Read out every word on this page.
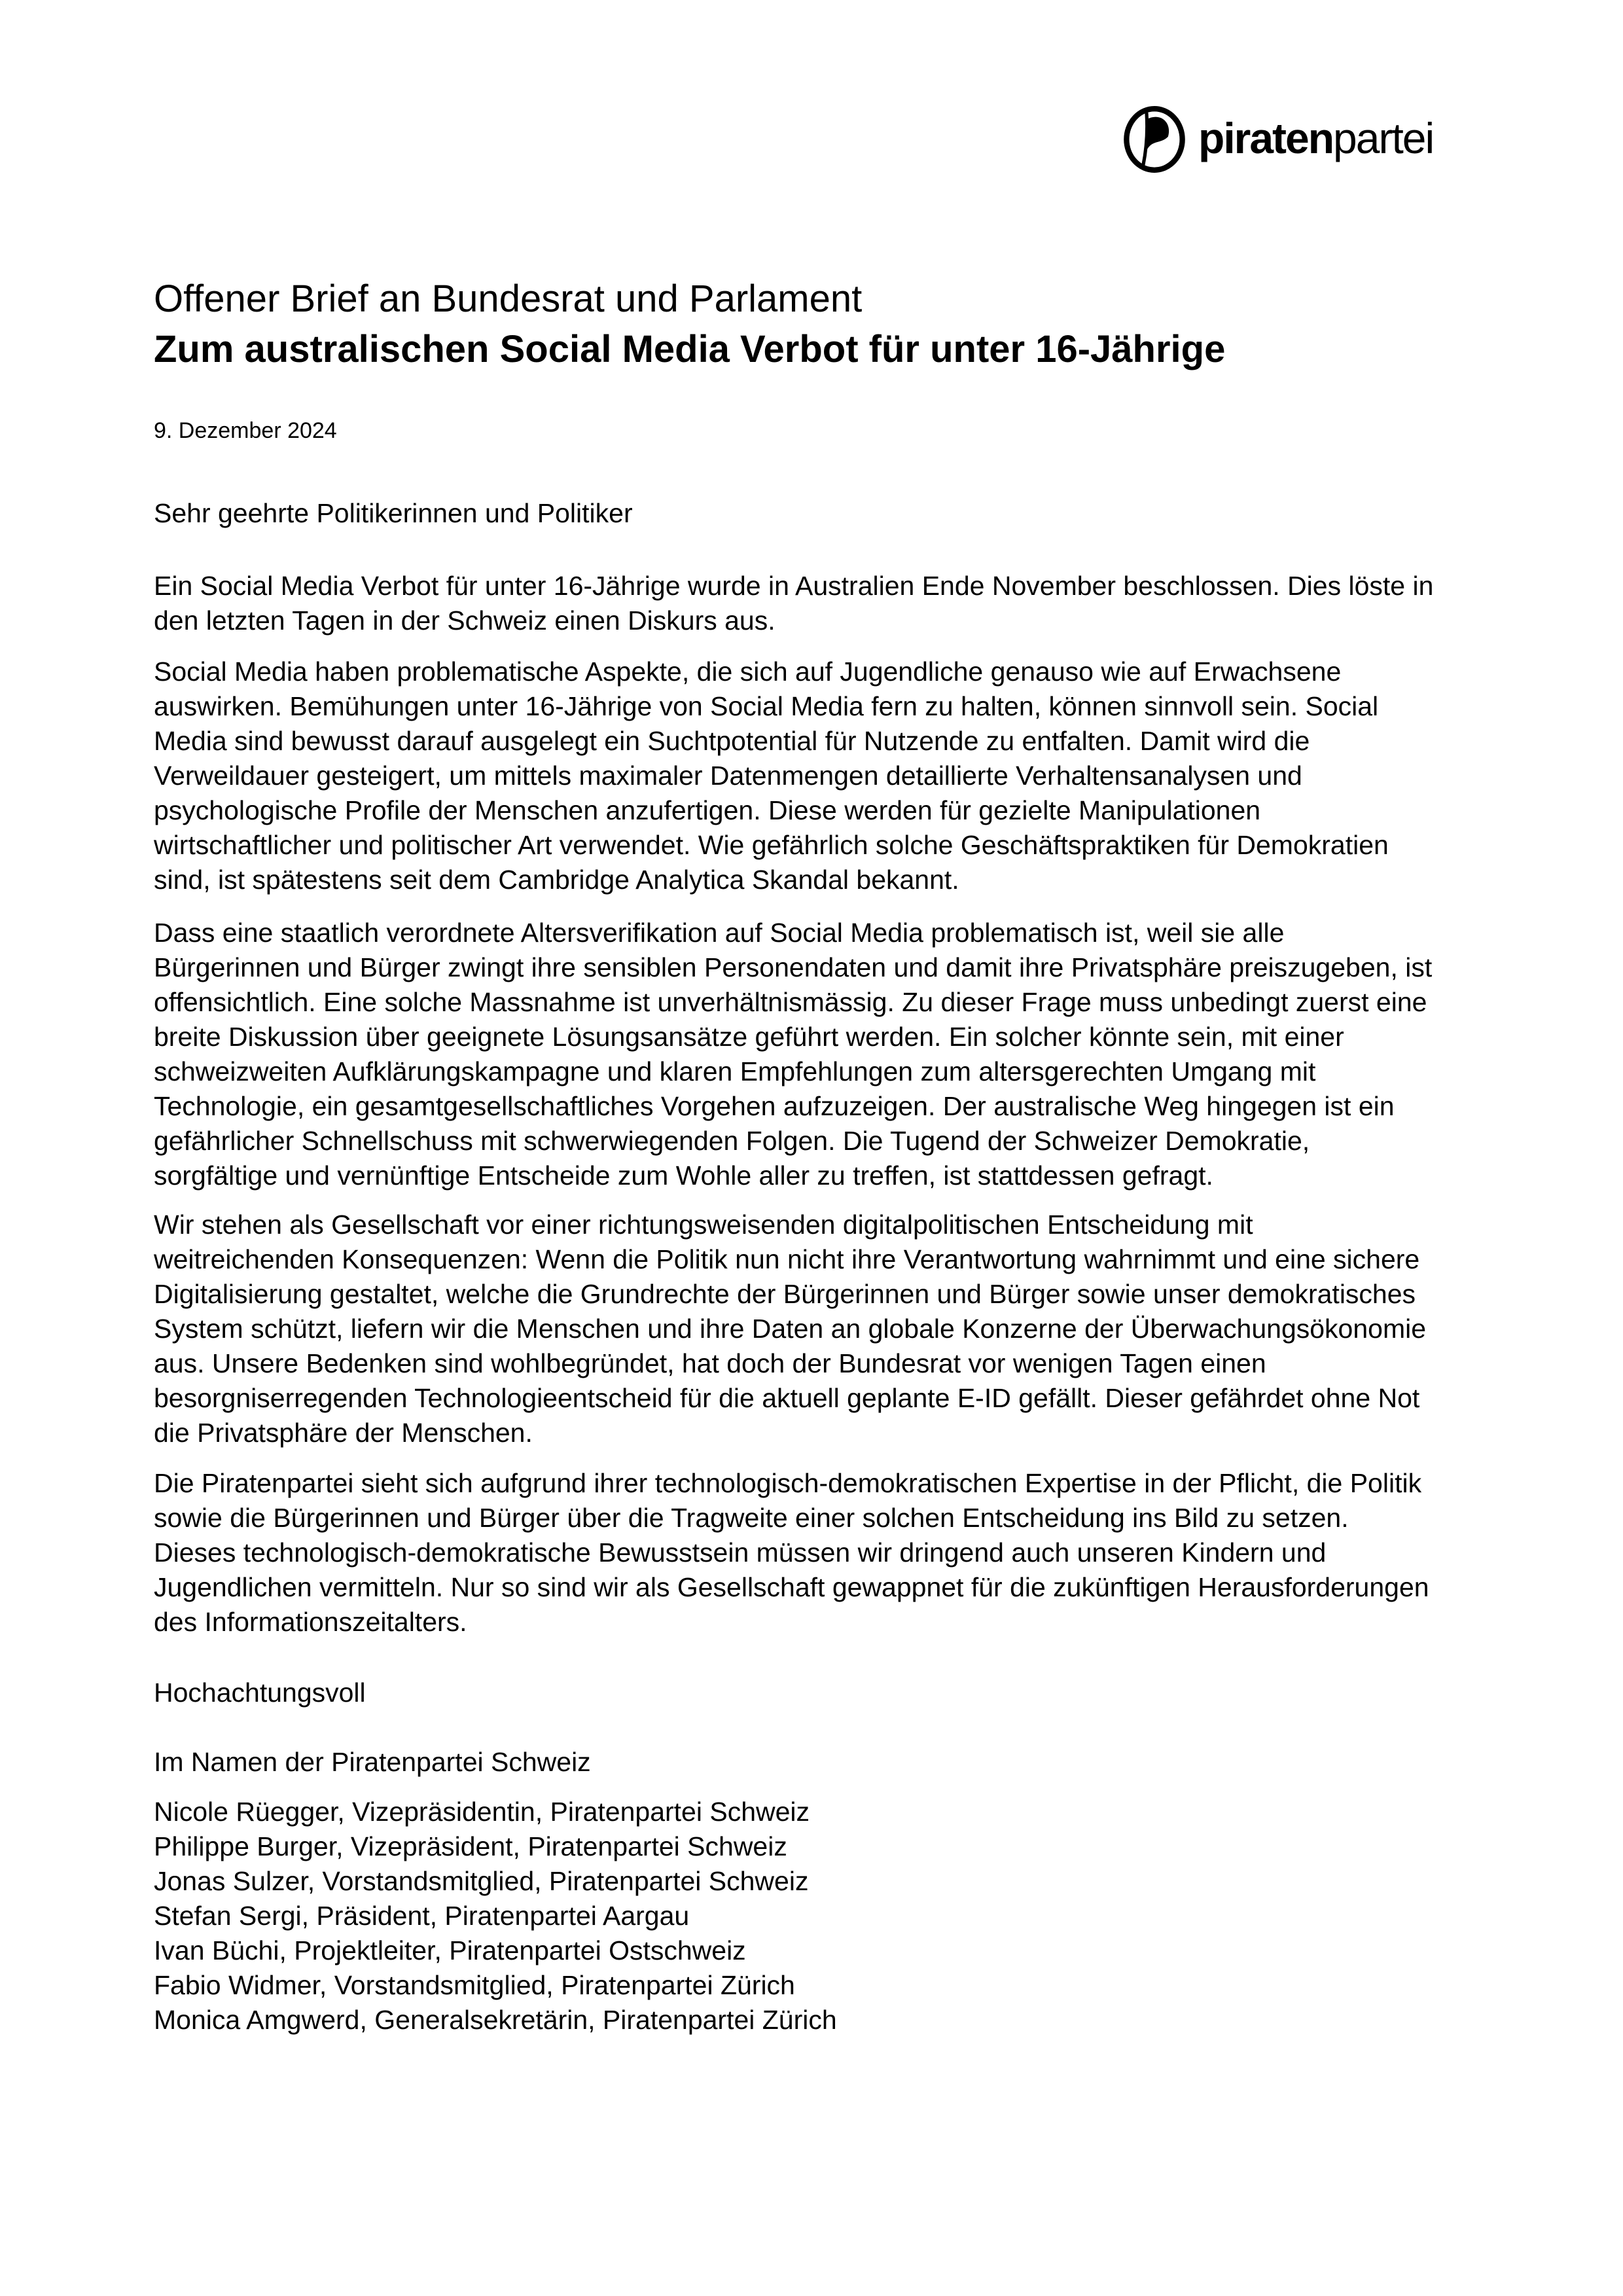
piratenpartei
Offener Brief an Bundesrat und Parlament
Zum australischen Social Media Verbot für unter 16-Jährige

9. Dezember 2024

Sehr geehrte Politikerinnen und Politiker

Ein Social Media Verbot für unter 16-Jährige wurde in Australien Ende November beschlossen. Dies löste in den letzten Tagen in der Schweiz einen Diskurs aus.

Social Media haben problematische Aspekte, die sich auf Jugendliche genauso wie auf Erwachsene auswirken. Bemühungen unter 16-Jährige von Social Media fern zu halten, können sinnvoll sein. Social Media sind bewusst darauf ausgelegt ein Suchtpotential für Nutzende zu entfalten. Damit wird die Verweildauer gesteigert, um mittels maximaler Datenmengen detaillierte Verhaltensanalysen und psychologische Profile der Menschen anzufertigen. Diese werden für gezielte Manipulationen wirtschaftlicher und politischer Art verwendet. Wie gefährlich solche Geschäftspraktiken für Demokratien sind, ist spätestens seit dem Cambridge Analytica Skandal bekannt.

Dass eine staatlich verordnete Altersverifikation auf Social Media problematisch ist, weil sie alle Bürgerinnen und Bürger zwingt ihre sensiblen Personendaten und damit ihre Privatsphäre preiszugeben, ist offensichtlich. Eine solche Massnahme ist unverhältnismässig. Zu dieser Frage muss unbedingt zuerst eine breite Diskussion über geeignete Lösungsansätze geführt werden. Ein solcher könnte sein, mit einer schweizweiten Aufklärungskampagne und klaren Empfehlungen zum altersgerechten Umgang mit Technologie, ein gesamtgesellschaftliches Vorgehen aufzuzeigen. Der australische Weg hingegen ist ein gefährlicher Schnellschuss mit schwerwiegenden Folgen. Die Tugend der Schweizer Demokratie, sorgfältige und vernünftige Entscheide zum Wohle aller zu treffen, ist stattdessen gefragt.

Wir stehen als Gesellschaft vor einer richtungsweisenden digitalpolitischen Entscheidung mit weitreichenden Konsequenzen: Wenn die Politik nun nicht ihre Verantwortung wahrnimmt und eine sichere Digitalisierung gestaltet, welche die Grundrechte der Bürgerinnen und Bürger sowie unser demokratisches System schützt, liefern wir die Menschen und ihre Daten an globale Konzerne der Überwachungsökonomie aus. Unsere Bedenken sind wohlbegründet, hat doch der Bundesrat vor wenigen Tagen einen besorgniserregenden Technologieentscheid für die aktuell geplante E-ID gefällt. Dieser gefährdet ohne Not die Privatsphäre der Menschen.

Die Piratenpartei sieht sich aufgrund ihrer technologisch-demokratischen Expertise in der Pflicht, die Politik sowie die Bürgerinnen und Bürger über die Tragweite einer solchen Entscheidung ins Bild zu setzen. Dieses technologisch-demokratische Bewusstsein müssen wir dringend auch unseren Kindern und Jugendlichen vermitteln. Nur so sind wir als Gesellschaft gewappnet für die zukünftigen Herausforderungen des Informationszeitalters.

Hochachtungsvoll

Im Namen der Piratenpartei Schweiz

Nicole Rüegger, Vizepräsidentin, Piratenpartei Schweiz

Philippe Burger, Vizepräsident, Piratenpartei Schweiz

Jonas Sulzer, Vorstandsmitglied, Piratenpartei Schweiz

Stefan Sergi, Präsident, Piratenpartei Aargau

Ivan Büchi, Projektleiter, Piratenpartei Ostschweiz

Fabio Widmer, Vorstandsmitglied, Piratenpartei Zürich

Monica Amgwerd, Generalsekretärin, Piratenpartei Zürich
